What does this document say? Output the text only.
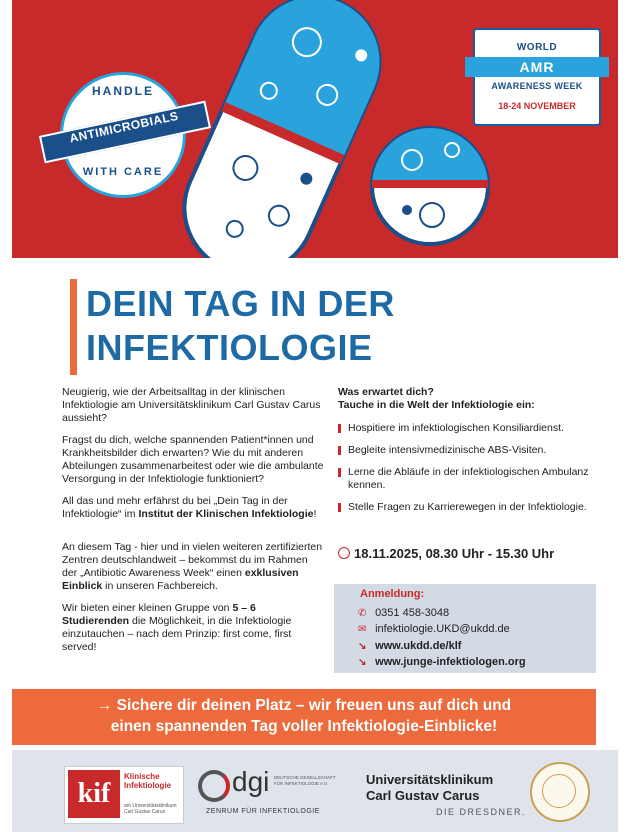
HANDLE
ANTIMICROBIALS
WITH CARE
WORLD
AMR
AWARENESS WEEK
18-24 NOVEMBER
DEIN TAG IN DER
INFEKTIOLOGIE

Neugierig, wie der Arbeitsalltag in der klinischen Infektiologie am Universitätsklinikum Carl Gustav Carus aussieht?

Fragst du dich, welche spannenden Patient*innen und Krankheitsbilder dich erwarten? Wie du mit anderen Abteilungen zusammenarbeitest oder wie die ambulante Versorgung in der Infektiologie funktioniert?

All das und mehr erfährst du bei „Dein Tag in der Infektiologie“ im Institut der Klinischen Infektiologie!

An diesem Tag - hier und in vielen weiteren zertifizierten Zentren deutschlandweit – bekommst du im Rahmen der „Antibiotic Awareness Week“ einen exklusiven Einblick in unseren Fachbereich.

Wir bieten einer kleinen Gruppe von 5 – 6 Studierenden die Möglichkeit, in die Infektiologie einzutauchen – nach dem Prinzip: first come, first served!

Was erwartet dich?

Tauche in die Welt der Infektiologie ein:

Hospitiere im infektiologischen Konsiliardienst.
Begleite intensivmedizinische ABS-Visiten.
Lerne die Abläufe in der infektiologischen Ambulanz kennen.
Stelle Fragen zu Karrierewegen in der Infektiologie.
18.11.2025, 08.30 Uhr - 15.30 Uhr
Anmeldung:
✆ 0351 458-3048
✉ infektiologie.UKD@ukdd.de
↘ www.ukdd.de/klf
↘ www.junge-infektiologen.org
→ Sichere dir deinen Platz – wir freuen uns auf dich und
einen spannenden Tag voller Infektiologie-Einblicke!
kif
Klinische Infektiologie
am Universitätsklinikum Carl Gustav Carus
dgi DEUTSCHE GESELLSCHAFT FÜR INFEKTIOLOGIE e.V.
ZENRUM FÜR INFEKTIOLOGIE
Universitätsklinikum
Carl Gustav Carus
DIE DRESDNER.
